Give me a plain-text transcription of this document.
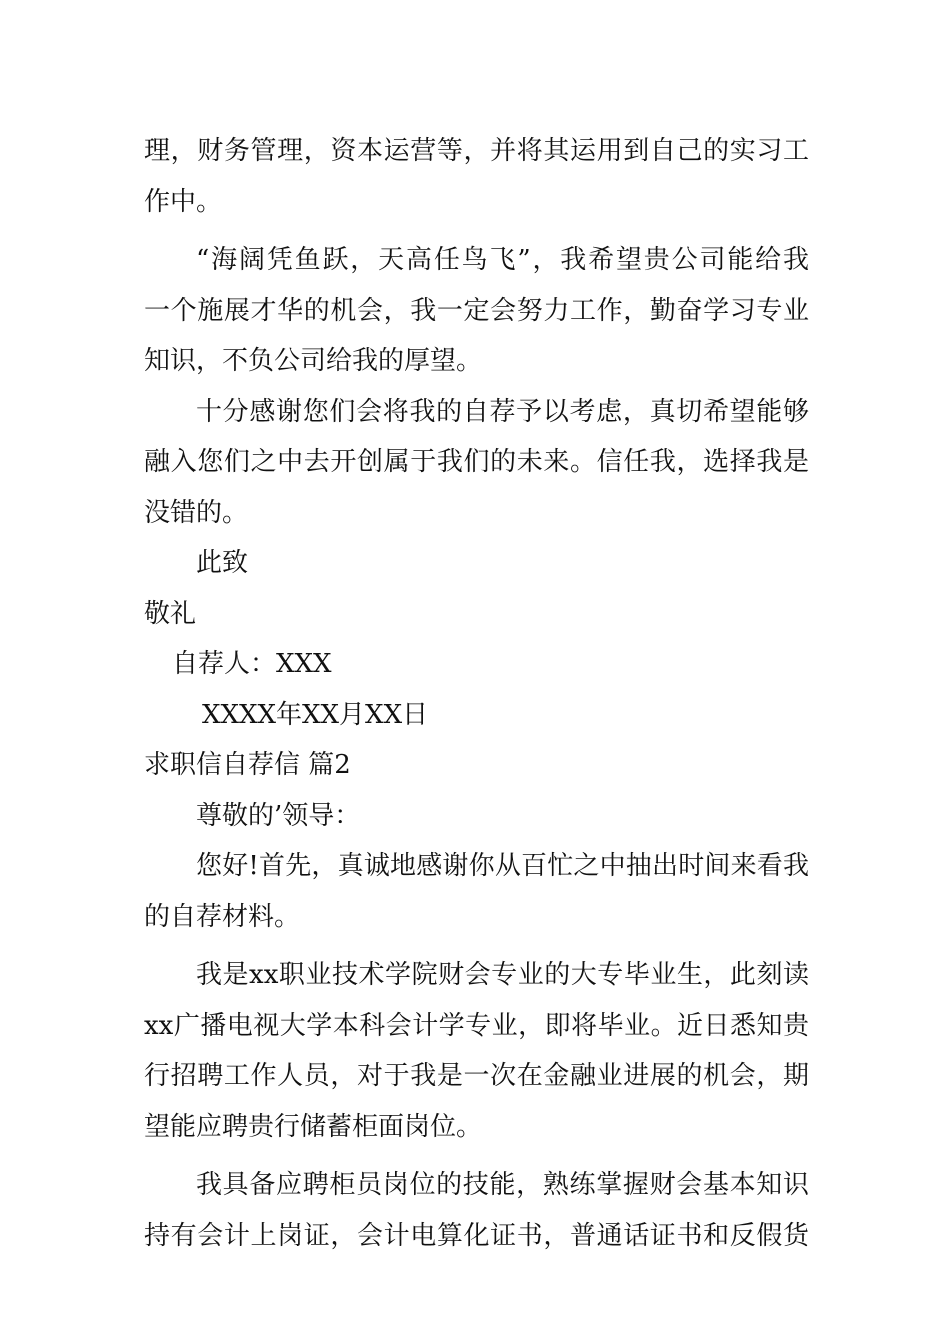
理，财务管理，资本运营等，并将其运用到自己的实习工
作中。
“海阔凭鱼跃，天高任鸟飞”，我希望贵公司能给我
一个施展才华的机会，我一定会努力工作，勤奋学习专业
知识，不负公司给我的厚望。
十分感谢您们会将我的自荐予以考虑，真切希望能够
融入您们之中去开创属于我们的未来。信任我，选择我是
没错的。
此致
敬礼
自荐人：XXX
XXXX年XX月XX日
求职信自荐信 篇2
尊敬的’领导：
您好!首先，真诚地感谢你从百忙之中抽出时间来看我
的自荐材料。
我是xx职业技术学院财会专业的大专毕业生，此刻读
xx广播电视大学本科会计学专业，即将毕业。近日悉知贵
行招聘工作人员，对于我是一次在金融业进展的机会，期
望能应聘贵行储蓄柜面岗位。
我具备应聘柜员岗位的技能，熟练掌握财会基本知识
持有会计上岗证，会计电算化证书，普通话证书和反假货
